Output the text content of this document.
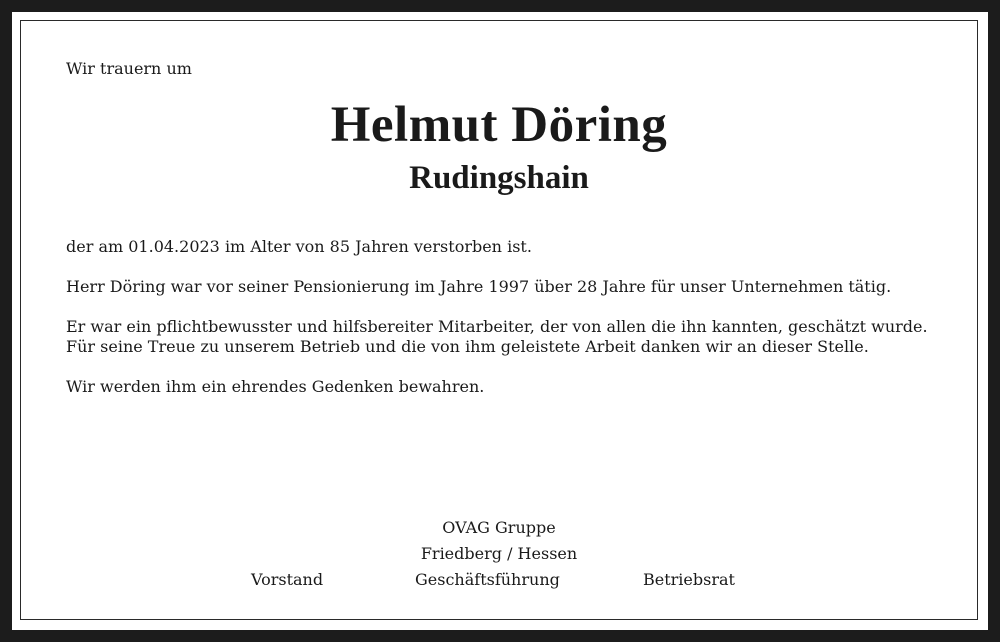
Wir trauern um
Helmut Döring
Rudingshain

der am 01.04.2023 im Alter von 85 Jahren verstorben ist.

Herr Döring war vor seiner Pensionierung im Jahre 1997 über 28 Jahre für unser Unternehmen tätig.

Er war ein pflichtbewusster und hilfsbereiter Mitarbeiter, der von allen die ihn kannten, geschätzt wurde.

Für seine Treue zu unserem Betrieb und die von ihm geleistete Arbeit danken wir an dieser Stelle.

Wir werden ihm ein ehrendes Gedenken bewahren.

OVAG Gruppe
Friedberg / Hessen
Vorstand	Geschäftsführung	Betriebsrat
